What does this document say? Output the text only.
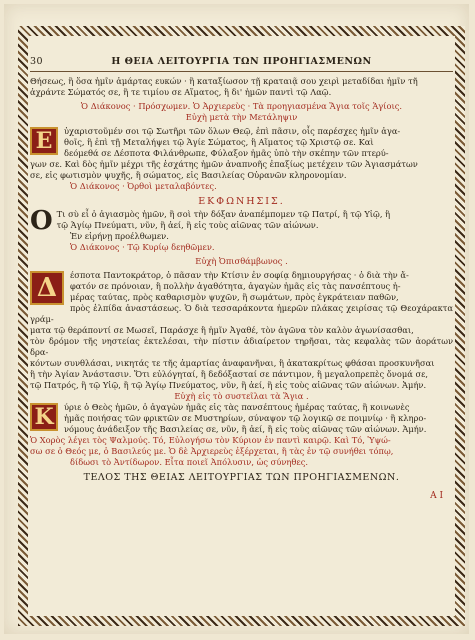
30	Η ΘΕΙΑ ΛΕΙΤΟΥΡΓΙΑ ΤΩΝ ΠΡΟΗΓΙΑΣΜΕΝΩΝ
Θήσεως, ἢ ὅσα ἡμῖν ἁμάρτας ευκών · ἢ καταξίωσον τῇ κραταιᾷ σου χειρὶ μεταδίδαι ἡμῖν τῆ
ἀχράντε Σώματός σε, ἢ τε τιμίου σε Αἵματος, ἢ δι' ἡμῶν παντὶ τῷ Λαῷ.
Ὁ Διάκονος · Πρόσχωμεν. Ὁ Ἀρχιερεὺς · Τὰ προηγιασμένα Ἅγια τοῖς Ἁγίοις.
Εὐχὴ μετὰ τὴν Μετάληψιν
Ε	ὐχαριστοῦμέν σοι τῷ Σωτῆρι τῶν ὅλων Θεῷ, ἐπὶ πᾶσιν, οἷς παρέσχες ἡμῖν ἀγα-
θοῖς, ἢ ἐπὶ τῇ Μεταλήψει τῷ Ἁγίε Σώματος, ἢ Αἵματος τῷ Χριστῷ σε. Καὶ
δεόμεθά σε Δέσποτα Φιλάνθρωπε, Φύλαξον ἡμᾶς ὑπὸ τὴν σκέπην τῶν πτερύ-
γων σε. Καὶ δὸς ἡμῖν μέχρι τῆς ἐσχάτης ἡμῶν ἀναπνοῆς ἐπαξίως μετέχειν τῶν Ἁγιασμάτων
σε, εἰς φωτισμὸν ψυχῆς, ἢ σώματος, εἰς Βασιλείας Οὐρανῶν κληρονομίαν.
Ὁ Διάκονος · Ὀρθοὶ μεταλαβόντες.
ΕΚΦΩΝΗΣΙΣ.
Ο Τι σὺ εἶ ὁ ἁγιασμὸς ἡμῶν, ἢ σοὶ τὴν δόξαν ἀναπέμπομεν τῷ Πατρί, ἢ τῷ Υἱῷ, ἢ
τῷ Ἁγίῳ Πνεύματι, νῦν, ἢ ἀεί, ἢ εἰς τοὺς αἰῶνας τῶν αἰώνων.
Ἐν εἰρήνῃ προέλθωμεν.
Ὁ Διάκονος · Τῷ Κυρίῳ δεηθῶμεν.
Εὐχὴ Ὀπισθάμβωνος .
Δ	έσποτα Παντοκράτορ, ὁ πᾶσαν τὴν Κτίσιν ἐν σοφίᾳ δημιουργήσας · ὁ διὰ τὴν ἄ-
φατόν σε πρόνοιαν, ἢ πολλὴν ἀγαθότητα, ἀγαγὼν ἡμᾶς εἰς τὰς πανσέπτους ἡ-
μέρας ταύτας, πρὸς καθαρισμὸν ψυχῶν, ἢ σωμάτων, πρὸς ἐγκράτειαν παθῶν,
πρὸς ἐλπίδα ἀναστάσεως. Ὁ διὰ τεσσαράκοντα ἡμερῶν πλάκας χειρίσας τῷ Θεοχάρακτα γράμ-
ματα τῷ θεράποντί σε Μωσεῖ, Παράσχε ἢ ἡμῖν Ἀγαθέ, τὸν ἀγῶνα τὸν καλὸν ἀγωνίσασθαι,
τὸν δρόμον τῆς νηστείας ἐκτελέσαι, τὴν πίστιν ἀδιαίρετον τηρῆσαι, τὰς κεφαλὰς τῶν ἀοράτων δρα-
κόντων συνθλάσαι, νικητάς τε τῆς ἁμαρτίας ἀναφανῆναι, ἢ ἀκατακρίτως φθάσαι προσκυνῆσαι
ἢ τὴν Ἁγίαν Ἀνάστασιν. Ὅτι εὐλόγηταί, ἢ δεδόξασταί σε πάντιμον, ἢ μεγαλοπρεπὲς ὄνομά σε,
τῷ Πατρός, ἢ τῷ Υἱῷ, ἢ τῷ Ἁγίῳ Πνεύματος, νῦν, ἢ ἀεί, ἢ εἰς τοὺς αἰῶνας τῶν αἰώνων. Ἀμήν.
Εὐχὴ εἰς τὸ συστεῖλαι τὰ Ἅγια .
Κ	ύριε ὁ Θεὸς ἡμῶν, ὁ ἀγαγὼν ἡμᾶς εἰς τὰς πανσέπτους ἡμέρας ταύτας, ἢ κοινωνὲς
ἡμᾶς ποιήσας τῶν φρικτῶν σε Μυστηρίων, σύναψον τῷ λογικῷ σε ποιμνίῳ · ἢ κληρο-
νόμους ἀνάδειξον τῆς Βασιλείας σε, νῦν, ἢ ἀεί, ἢ εἰς τοὺς αἰῶνας τῶν αἰώνων. Ἀμήν.
Ὁ Χορὸς λέγει τὸς Ψαλμούς. Τό, Εὐλογήσω τὸν Κύριον ἐν παντὶ καιρῷ. Καὶ Τό, Ὑψώ-
σω σε ὁ Θεός με, ὁ Βασιλεύς με. Ὁ δὲ Ἀρχιερεὺς ἐξέρχεται, ἢ τὰς ἐν τῷ συνήθει τόπῳ,
δίδωσι τὸ Ἀντίδωρον. Εἶτα ποιεῖ Ἀπόλυσιν, ὡς σύνηθες.
ΤΕΛΟΣ ΤΗΣ ΘΕΙΑΣ ΛΕΙΤΟΥΡΓΙΑΣ ΤΩΝ ΠΡΟΗΓΙΑΣΜΕΝΩΝ.
Α Ι
